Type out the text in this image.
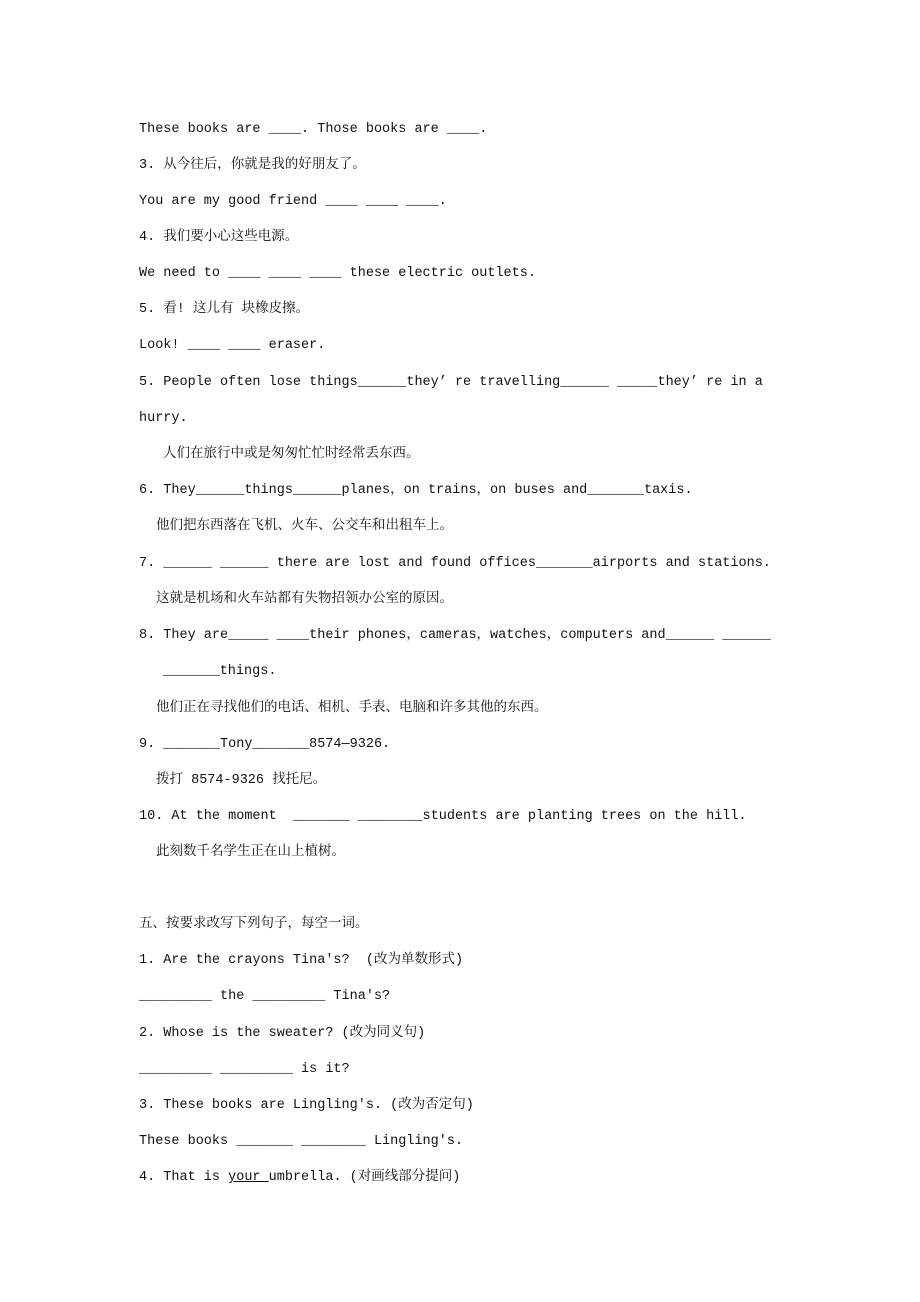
These books are ____. Those books are ____.
3. 从今往后，你就是我的好朋友了。
You are my good friend ____ ____ ____.
4. 我们要小心这些电源。
We need to ____ ____ ____ these electric outlets.
5. 看! 这儿有 块橡皮擦。
Look! ____ ____ eraser.
5. People often lose things______they’ re travelling______ _____they’ re in a
hurry.
人们在旅行中或是匆匆忙忙时经常丢东西。
6. They______things______planes，on trains，on buses and_______taxis.
他们把东西落在飞机、火车、公交车和出租车上。
7. ______ ______ there are lost and found offices_______airports and stations.
这就是机场和火车站都有失物招领办公室的原因。
8. They are_____ ____their phones，cameras，watches，computers and______ ______
_______things.
他们正在寻找他们的电话、相机、手表、电脑和许多其他的东西。
9. _______Tony_______8574—9326.
拨打 8574-9326 找托尼。
10. At the moment  _______ ________students are planting trees on the hill.
此刻数千名学生正在山上植树。
五、按要求改写下列句子，每空一词。
1. Are the crayons Tina's?  (改为单数形式)
_________ the _________ Tina's?
2. Whose is the sweater? (改为同义句)
_________ _________ is it?
3. These books are Lingling's. (改为否定句)
These books _______ ________ Lingling's.
4. That is your umbrella. (对画线部分提问)
